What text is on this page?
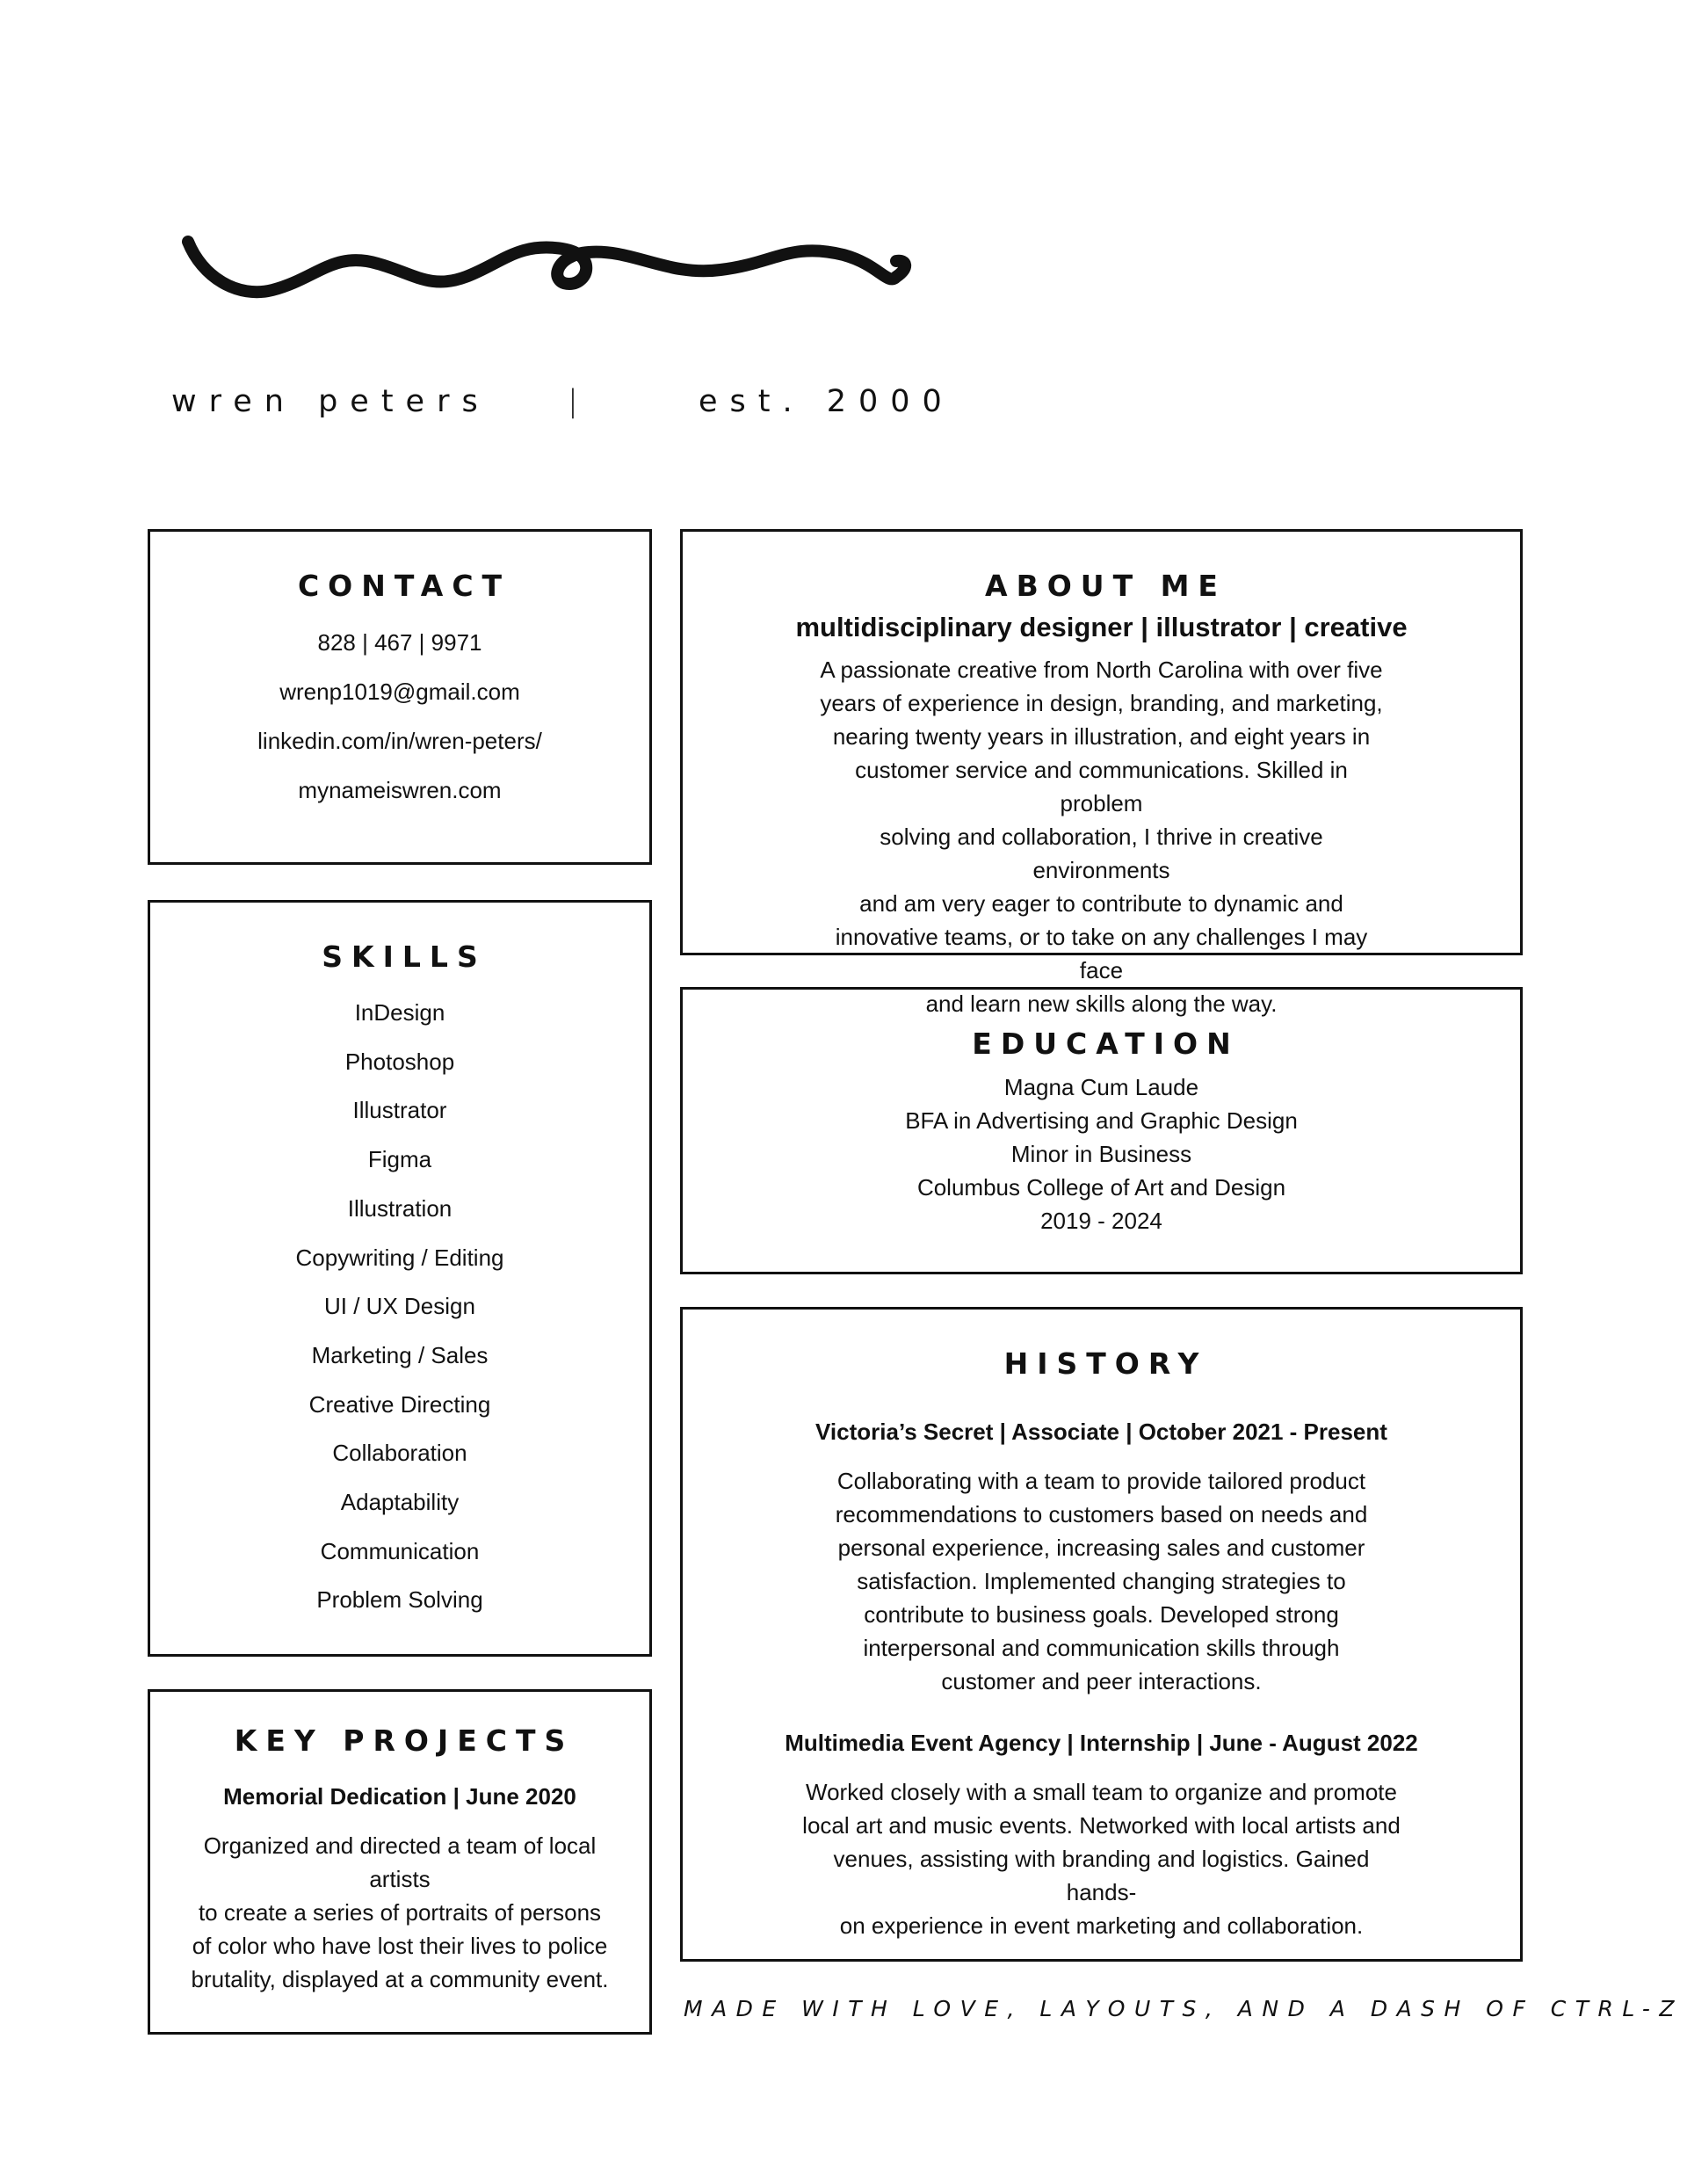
wren peters	|	est. 2000
CONTACT

828 | 467 | 9971

wrenp1019@gmail.com

linkedin.com/in/wren-peters/

mynameiswren.com

SKILLS

InDesign

Photoshop

Illustrator

Figma

Illustration

Copywriting / Editing

UI / UX Design

Marketing / Sales

Creative Directing

Collaboration

Adaptability

Communication

Problem Solving

KEY PROJECTS

Memorial Dedication | June 2020

Organized and directed a team of local artists
to create a series of portraits of persons
of color who have lost their lives to police
brutality, displayed at a community event.
ABOUT ME

multidisciplinary designer | illustrator | creative

A passionate creative from North Carolina with over five
years of experience in design, branding, and marketing,
nearing twenty years in illustration, and eight years in
customer service and communications. Skilled in problem
solving and collaboration, I thrive in creative environments
and am very eager to contribute to dynamic and
innovative teams, or to take on any challenges I may face
and learn new skills along the way.
EDUCATION

Magna Cum Laude

BFA in Advertising and Graphic Design

Minor in Business

Columbus College of Art and Design

2019 - 2024

HISTORY

Victoria’s Secret | Associate | October 2021 - Present

Collaborating with a team to provide tailored product
recommendations to customers based on needs and
personal experience, increasing sales and customer
satisfaction. Implemented changing strategies to
contribute to business goals. Developed strong
interpersonal and communication skills through
customer and peer interactions.

Multimedia Event Agency | Internship | June - August 2022

Worked closely with a small team to organize and promote
local art and music events. Networked with local artists and
venues, assisting with branding and logistics. Gained hands-
on experience in event marketing and collaboration.
MADE WITH LOVE, LAYOUTS, AND A DASH OF CTRL-Z
